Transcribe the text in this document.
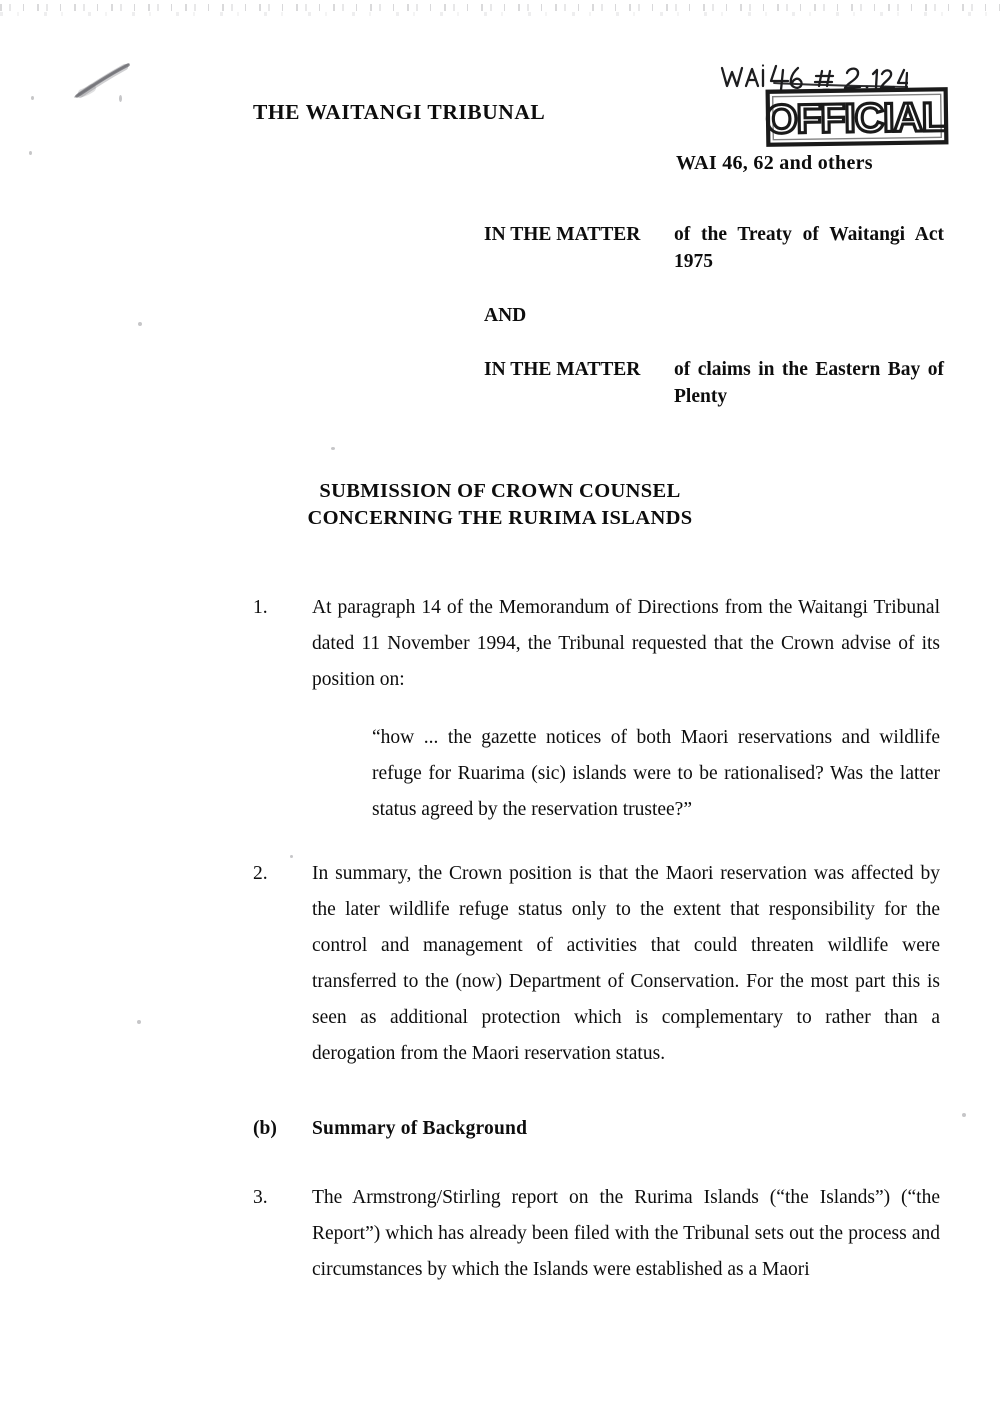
THE WAITANGI TRIBUNAL	OFFICIAL
WAI 46, 62 and others
IN THE MATTER	of the Treaty of Waitangi Act 1975
AND
IN THE MATTER	of claims in the Eastern Bay of Plenty
SUBMISSION OF CROWN COUNSEL
CONCERNING THE RURIMA ISLANDS
1.	At paragraph 14 of the Memorandum of Directions from the Waitangi Tribunal dated 11 November 1994, the Tribunal requested that the Crown advise of its position on:
“how ... the gazette notices of both Maori reservations and wildlife refuge for Ruarima (sic) islands were to be rationalised? Was the latter status agreed by the reservation trustee?”
2.	In summary, the Crown position is that the Maori reservation was affected by the later wildlife refuge status only to the extent that responsibility for the control and management of activities that could threaten wildlife were transferred to the (now) Department of Conservation. For the most part this is seen as additional protection which is complementary to rather than a derogation from the Maori reservation status.
(b)	Summary of Background
3.	The Armstrong/Stirling report on the Rurima Islands (“the Islands”) (“the Report”) which has already been filed with the Tribunal sets out the process and circumstances by which the Islands were established as a Maori
